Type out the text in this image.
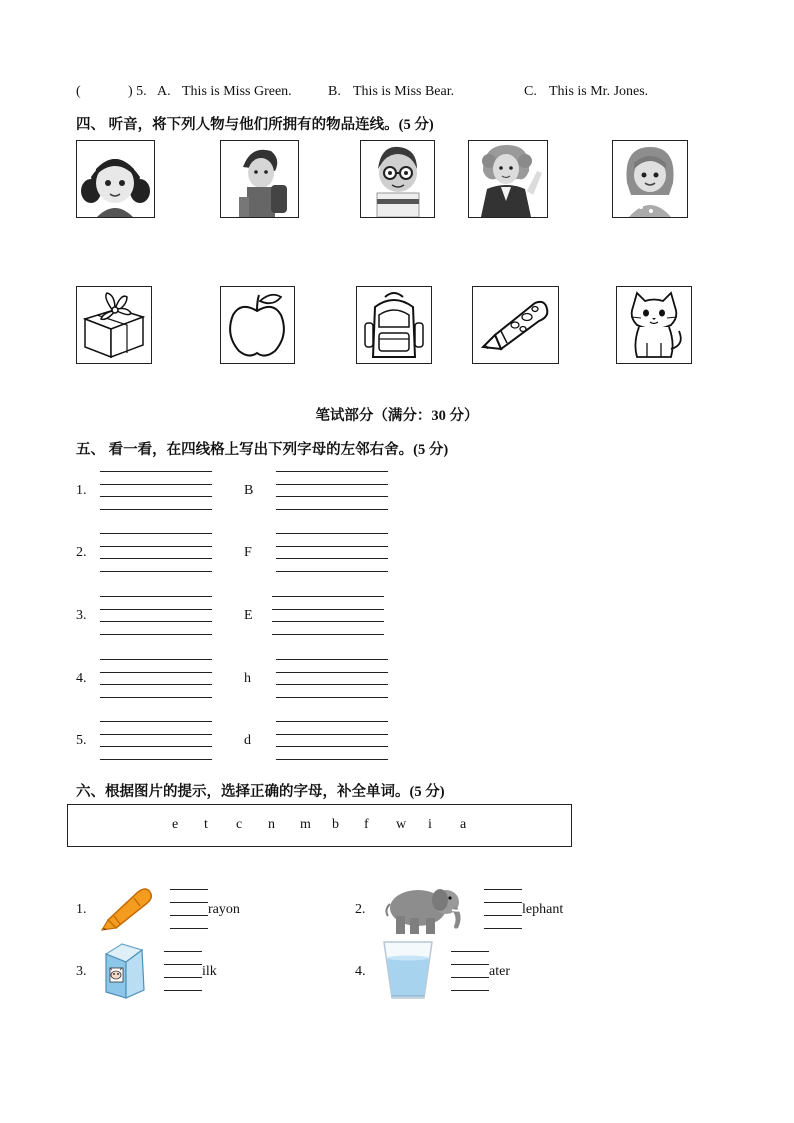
(	) 5. A. This is Miss Green.	B. This is Miss Bear.	C. This is Mr. Jones.
四、 听音，将下列人物与他们所拥有的物品连线。(5 分)
笔试部分（满分：30 分）
五、 看一看，在四线格上写出下列字母的左邻右舍。(5 分)
1.	B
2.	F
3.	E
4.	h
5.	d
六、根据图片的提示，选择正确的字母，补全单词。(5 分)
e t c n m b f w i a
1.	rayon	2.	lephant
3.	ilk	4.	ater
